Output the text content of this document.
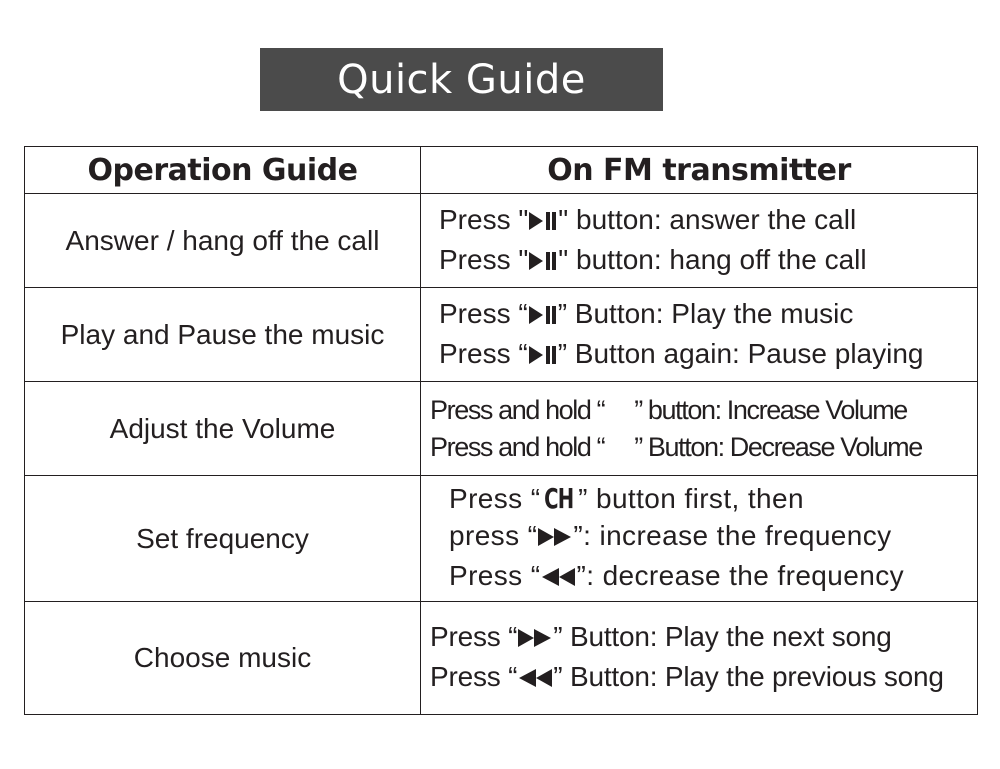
Quick Guide
Operation Guide	On FM transmitter
Answer / hang off the call	Press " " button: answer the call
Press " " button: hang off the call

Play and Pause the music	Press “ ” Button: Play the music
Press “ ” Button again: Pause playing

Adjust the Volume	Press and hold “ ” button: Increase Volume
Press and hold “ ” Button: Decrease Volume

Set frequency	Press “ CH ” button first, then
press “ ”: increase the frequency
Press “ ”: decrease the frequency

Choose music	Press “ ” Button: Play the next song
Press “ ” Button: Play the previous song
